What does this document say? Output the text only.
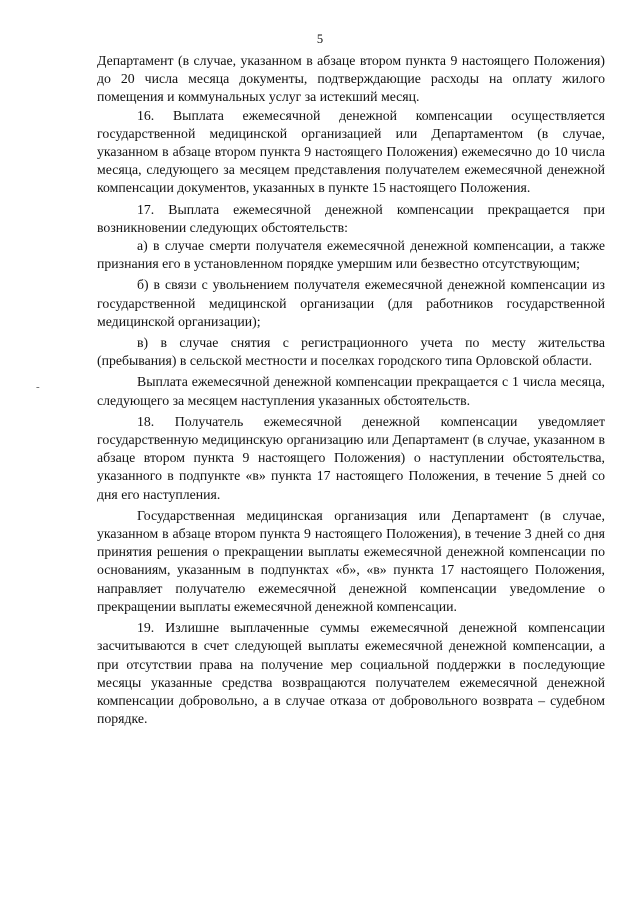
5
-

Департамент (в случае, указанном в абзаце втором пункта 9 настоящего Положения) до 20 числа месяца документы, подтверждающие расходы на оплату жилого помещения и коммунальных услуг за истекший месяц.

16. Выплата ежемесячной денежной компенсации осуществляется государственной медицинской организацией или Департаментом (в случае, указанном в абзаце втором пункта 9 настоящего Положения) ежемесячно до 10 числа месяца, следующего за месяцем представления получателем ежемесячной денежной компенсации документов, указанных в пункте 15 настоящего Положения.

17. Выплата ежемесячной денежной компенсации прекращается при возникновении следующих обстоятельств:

а) в случае смерти получателя ежемесячной денежной компенсации, а также признания его в установленном порядке умершим или безвестно отсутствующим;

б) в связи с увольнением получателя ежемесячной денежной компенсации из государственной медицинской организации (для работников государственной медицинской организации);

в) в случае снятия с регистрационного учета по месту жительства (пребывания) в сельской местности и поселках городского типа Орловской области.

Выплата ежемесячной денежной компенсации прекращается с 1 числа месяца, следующего за месяцем наступления указанных обстоятельств.

18. Получатель ежемесячной денежной компенсации уведомляет государственную медицинскую организацию или Департамент (в случае, указанном в абзаце втором пункта 9 настоящего Положения) о наступлении обстоятельства, указанного в подпункте «в» пункта 17 настоящего Положения, в течение 5 дней со дня его наступления.

Государственная медицинская организация или Департамент (в случае, указанном в абзаце втором пункта 9 настоящего Положения), в течение 3 дней со дня принятия решения о прекращении выплаты ежемесячной денежной компенсации по основаниям, указанным в подпунктах «б», «в» пункта 17 настоящего Положения, направляет получателю ежемесячной денежной компенсации уведомление о прекращении выплаты ежемесячной денежной компенсации.

19. Излишне выплаченные суммы ежемесячной денежной компенсации засчитываются в счет следующей выплаты ежемесячной денежной компенсации, а при отсутствии права на получение мер социальной поддержки в последующие месяцы указанные средства возвращаются получателем ежемесячной денежной компенсации добровольно, а в случае отказа от добровольного возврата – судебном порядке.
